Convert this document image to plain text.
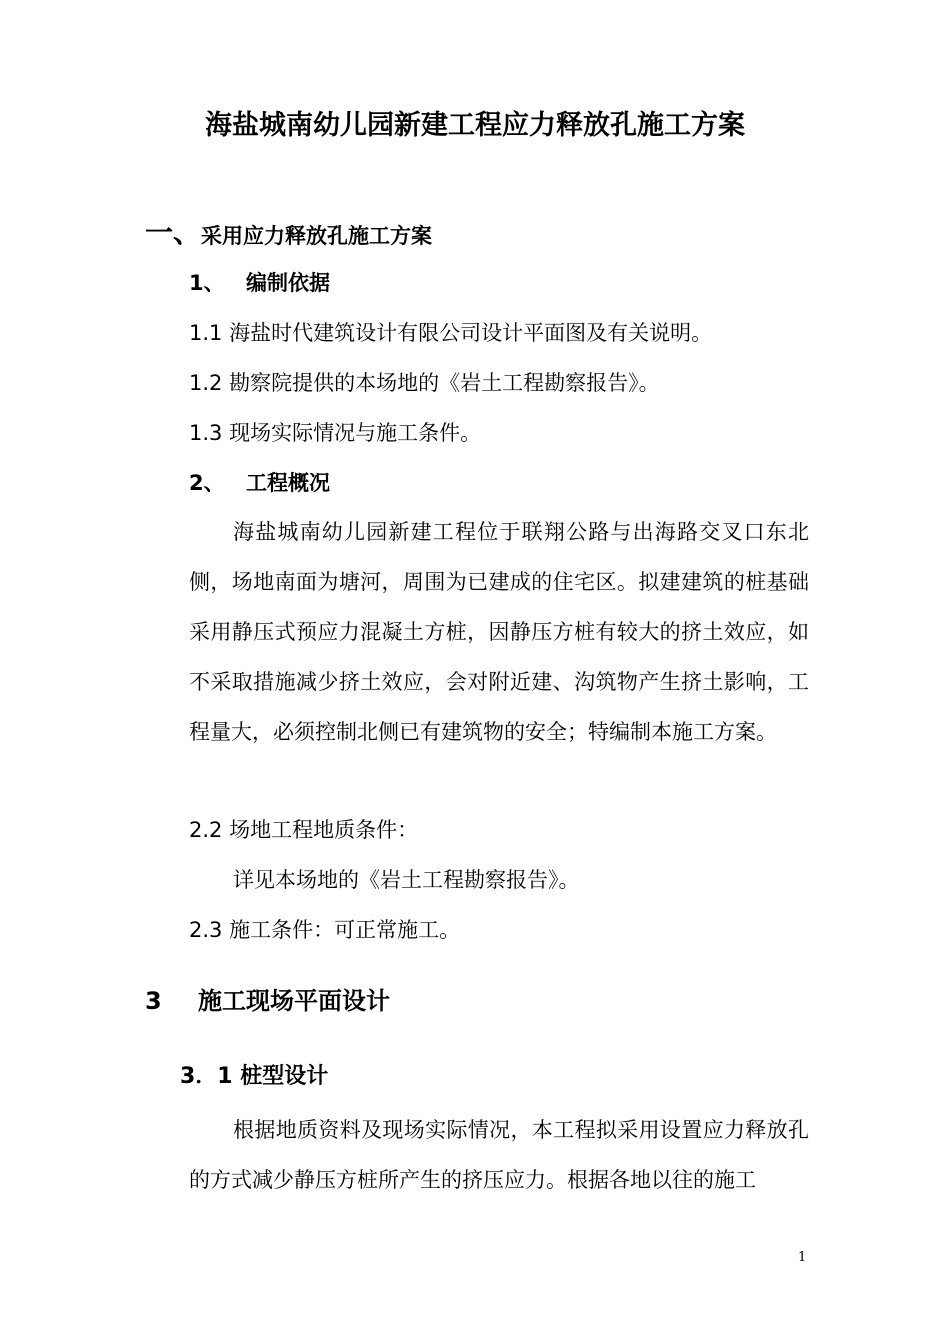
海盐城南幼儿园新建工程应力释放孔施工方案
一、 采用应力释放孔施工方案
1、 编制依据
1.1 海盐时代建筑设计有限公司设计平面图及有关说明。
1.2 勘察院提供的本场地的《岩土工程勘察报告》。
1.3 现场实际情况与施工条件。
2、 工程概况
海盐城南幼儿园新建工程位于联翔公路与出海路交叉口东北侧，场地南面为塘河，周围为已建成的住宅区。拟建建筑的桩基础采用静压式预应力混凝土方桩，因静压方桩有较大的挤土效应，如不采取措施减少挤土效应，会对附近建、沟筑物产生挤土影响，工程量大，必须控制北侧已有建筑物的安全；特编制本施工方案。
2.2 场地工程地质条件：
详见本场地的《岩土工程勘察报告》。
2.3 施工条件：可正常施工。
3 施工现场平面设计
3．1 桩型设计
根据地质资料及现场实际情况，本工程拟采用设置应力释放孔的方式减少静压方桩所产生的挤压应力。根据各地以往的施工
1
